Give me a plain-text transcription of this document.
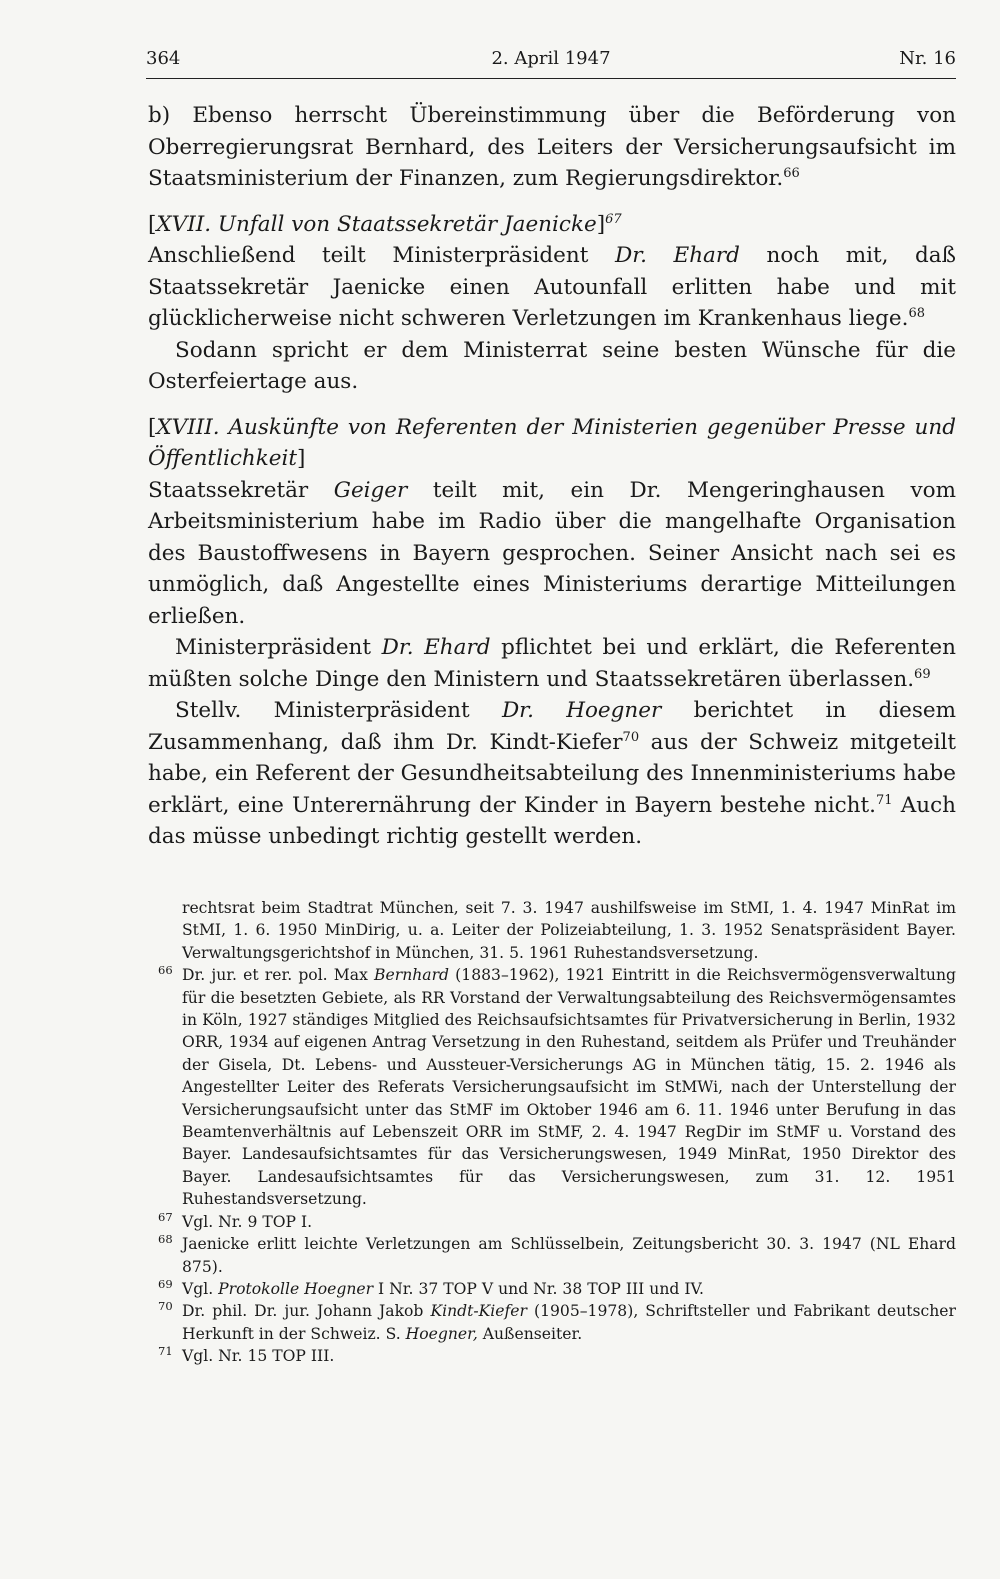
364	2. April 1947	Nr. 16

b) Ebenso herrscht Übereinstimmung über die Beförderung von Oberregierungsrat Bernhard, des Leiters der Versicherungsaufsicht im Staatsministerium der Finanzen, zum Regierungsdirektor.$^{66}$

[XVII. Unfall von Staatssekretär Jaenicke]$^{67}$

Anschließend teilt Ministerpräsident Dr. Ehard noch mit, daß Staatssekretär Jaenicke einen Autounfall erlitten habe und mit glücklicherweise nicht schweren Verletzungen im Krankenhaus liege.$^{68}$

Sodann spricht er dem Ministerrat seine besten Wünsche für die Osterfeiertage aus.

[XVIII. Auskünfte von Referenten der Ministerien gegenüber Presse und Öffentlichkeit]

Staatssekretär Geiger teilt mit, ein Dr. Mengeringhausen vom Arbeitsministerium habe im Radio über die mangelhafte Organisation des Baustoffwesens in Bayern gesprochen. Seiner Ansicht nach sei es unmöglich, daß Angestellte eines Ministeriums derartige Mitteilungen erließen.

Ministerpräsident Dr. Ehard pflichtet bei und erklärt, die Referenten müßten solche Dinge den Ministern und Staatssekretären überlassen.$^{69}$

Stellv. Ministerpräsident Dr. Hoegner berichtet in diesem Zusammenhang, daß ihm Dr. Kindt-Kiefer$^{70}$ aus der Schweiz mitgeteilt habe, ein Referent der Gesundheitsabteilung des Innenministeriums habe erklärt, eine Unterernährung der Kinder in Bayern bestehe nicht.$^{71}$ Auch das müsse unbedingt richtig gestellt werden.

rechtsrat beim Stadtrat München, seit 7. 3. 1947 aushilfsweise im StMI, 1. 4. 1947 MinRat im StMI, 1. 6. 1950 MinDirig, u. a. Leiter der Polizeiabteilung, 1. 3. 1952 Senatspräsident Bayer. Verwaltungsgerichtshof in München, 31. 5. 1961 Ruhestandsversetzung.
66 Dr. jur. et rer. pol. Max Bernhard (1883–1962), 1921 Eintritt in die Reichsvermögensverwaltung für die besetzten Gebiete, als RR Vorstand der Verwaltungsabteilung des Reichsvermögensamtes in Köln, 1927 ständiges Mitglied des Reichsaufsichtsamtes für Privatversicherung in Berlin, 1932 ORR, 1934 auf eigenen Antrag Versetzung in den Ruhestand, seitdem als Prüfer und Treuhänder der Gisela, Dt. Lebens- und Aussteuer-Versicherungs AG in München tätig, 15. 2. 1946 als Angestellter Leiter des Referats Versicherungsaufsicht im StMWi, nach der Unterstellung der Versicherungsaufsicht unter das StMF im Oktober 1946 am 6. 11. 1946 unter Berufung in das Beamtenverhältnis auf Lebenszeit ORR im StMF, 2. 4. 1947 RegDir im StMF u. Vorstand des Bayer. Landesaufsichtsamtes für das Versicherungswesen, 1949 MinRat, 1950 Direktor des Bayer. Landesaufsichtsamtes für das Versicherungswesen, zum 31. 12. 1951 Ruhestandsversetzung.
67 Vgl. Nr. 9 TOP I.
68 Jaenicke erlitt leichte Verletzungen am Schlüsselbein, Zeitungsbericht 30. 3. 1947 (NL Ehard 875).
69 Vgl. Protokolle Hoegner I Nr. 37 TOP V und Nr. 38 TOP III und IV.
70 Dr. phil. Dr. jur. Johann Jakob Kindt-Kiefer (1905–1978), Schriftsteller und Fabrikant deutscher Herkunft in der Schweiz. S. Hoegner, Außenseiter.
71 Vgl. Nr. 15 TOP III.
